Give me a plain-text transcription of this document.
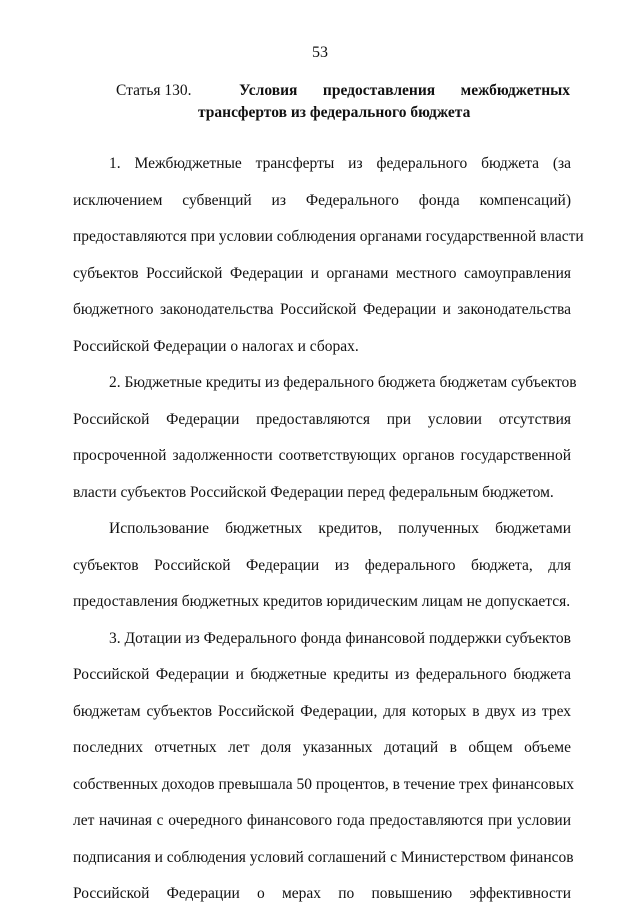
53
Статья 130.	Условия предоставления межбюджетных
трансфертов из федерального бюджета
1. Межбюджетные трансферты из федерального бюджета (за
исключением субвенций из Федерального фонда компенсаций)
предоставляются при условии соблюдения органами государственной власти
субъектов Российской Федерации и органами местного самоуправления
бюджетного законодательства Российской Федерации и законодательства
Российской Федерации о налогах и сборах.
2. Бюджетные кредиты из федерального бюджета бюджетам субъектов
Российской Федерации предоставляются при условии отсутствия
просроченной задолженности соответствующих органов государственной
власти субъектов Российской Федерации перед федеральным бюджетом.
Использование бюджетных кредитов, полученных бюджетами
субъектов Российской Федерации из федерального бюджета, для
предоставления бюджетных кредитов юридическим лицам не допускается.
3. Дотации из Федерального фонда финансовой поддержки субъектов
Российской Федерации и бюджетные кредиты из федерального бюджета
бюджетам субъектов Российской Федерации, для которых в двух из трех
последних отчетных лет доля указанных дотаций в общем объеме
собственных доходов превышала 50 процентов, в течение трех финансовых
лет начиная с очередного финансового года предоставляются при условии
подписания и соблюдения условий соглашений с Министерством финансов
Российской Федерации о мерах по повышению эффективности
